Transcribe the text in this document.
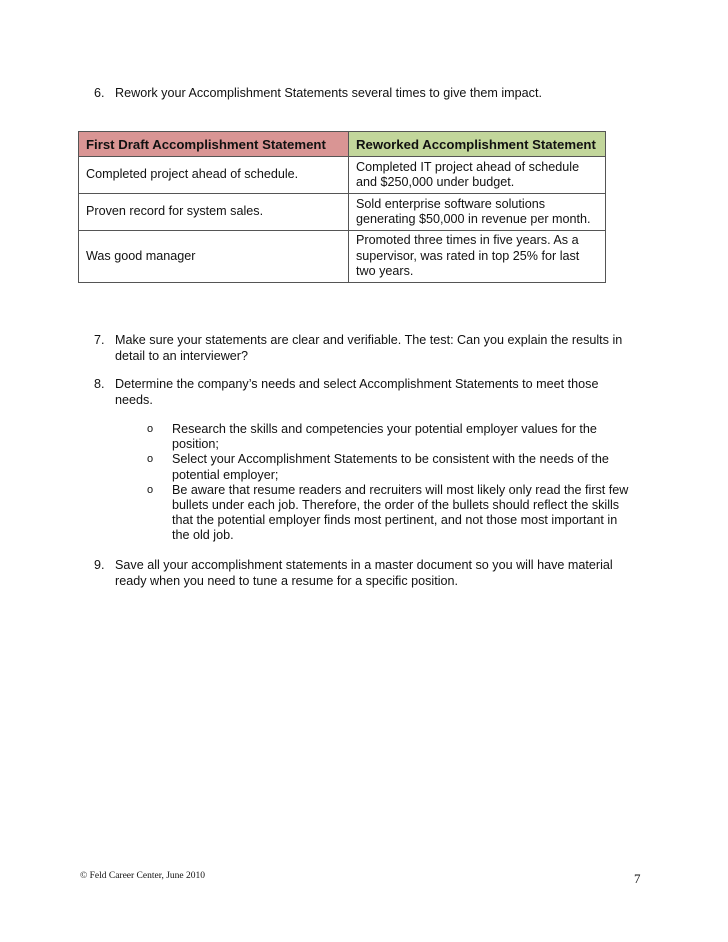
6. Rework your Accomplishment Statements several times to give them impact.
First Draft Accomplishment Statement	Reworked Accomplishment Statement
Completed project ahead of schedule.	Completed IT project ahead of schedule and $250,000 under budget.
Proven record for system sales.	Sold enterprise software solutions generating $50,000 in revenue per month.
Was good manager	Promoted three times in five years. As a supervisor, was rated in top 25% for last two years.
7. Make sure your statements are clear and verifiable. The test: Can you explain the results in detail to an interviewer?
8. Determine the company’s needs and select Accomplishment Statements to meet those needs.
o Research the skills and competencies your potential employer values for the position;
o Select your Accomplishment Statements to be consistent with the needs of the potential employer;
o Be aware that resume readers and recruiters will most likely only read the first few bullets under each job. Therefore, the order of the bullets should reflect the skills that the potential employer finds most pertinent, and not those most important in the old job.
9. Save all your accomplishment statements in a master document so you will have material ready when you need to tune a resume for a specific position.
© Feld Career Center, June 2010	7
